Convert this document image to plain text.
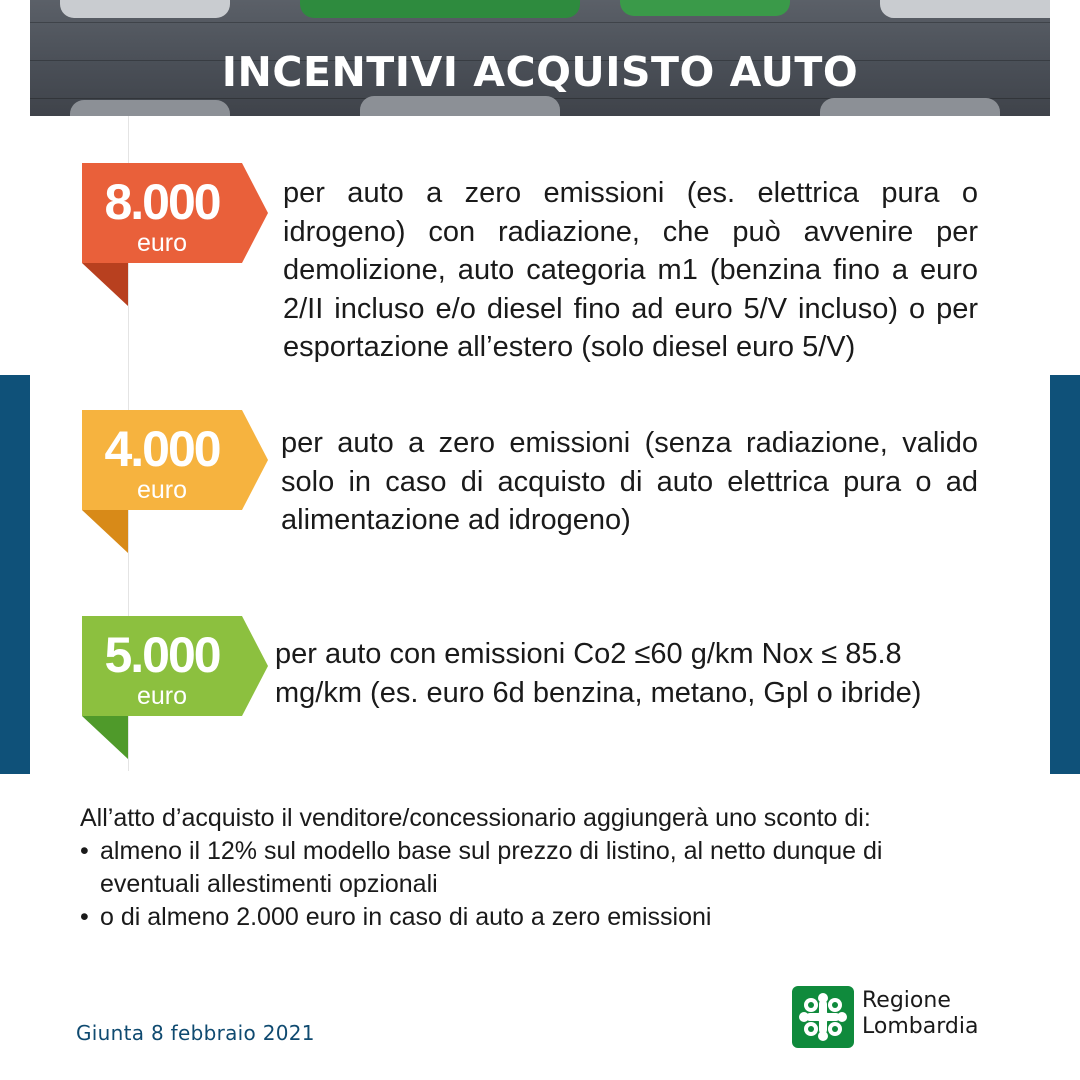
INCENTIVI ACQUISTO AUTO
8.000
euro
per auto a zero emissioni (es. elettrica pura o idrogeno) con radiazione, che può avvenire per demolizione, auto categoria m1 (benzina fino a euro 2/II incluso e/o diesel fino ad euro 5/V incluso) o per esportazione all’estero (solo diesel euro 5/V)
4.000
euro
per auto a zero emissioni (senza radiazione, valido solo in caso di acquisto di auto elettrica pura o ad alimentazione ad idrogeno)
5.000
euro
per auto con emissioni Co2 ≤60 g/km Nox ≤ 85.8 mg/km (es. euro 6d benzina, metano, Gpl o ibride)
All’atto d’acquisto il venditore/concessionario aggiungerà uno sconto di:
• almeno il 12% sul modello base sul prezzo di listino, al netto dunque di
eventuali allestimenti opzionali
• o di almeno 2.000 euro in caso di auto a zero emissioni
Giunta 8 febbraio 2021
Regione
Lombardia
